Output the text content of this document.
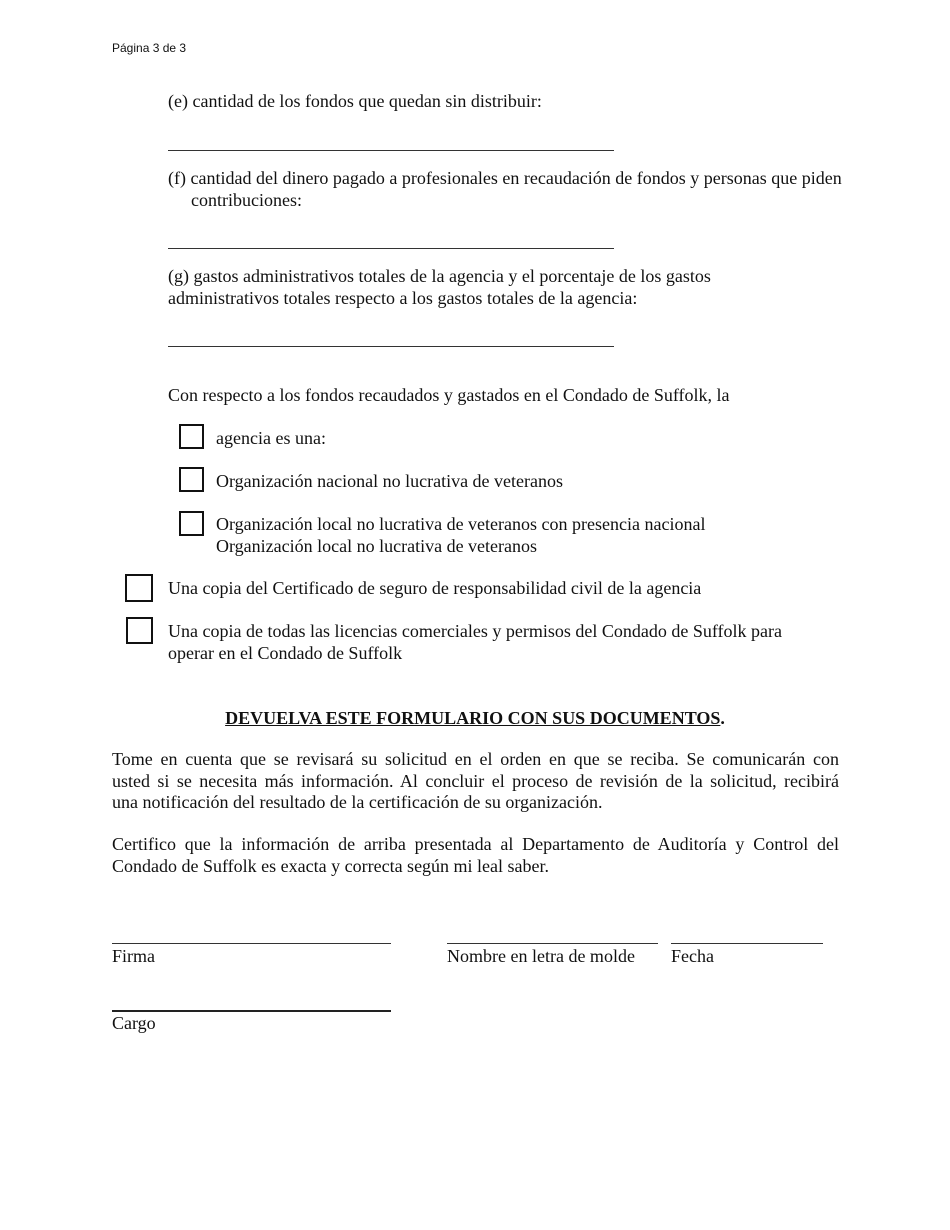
Página 3 de 3
(e) cantidad de los fondos que quedan sin distribuir:
(f) cantidad del dinero pagado a profesionales en recaudación de fondos y personas que piden contribuciones:
(g) gastos administrativos totales de la agencia y el porcentaje de los gastos
administrativos totales respecto a los gastos totales de la agencia:
Con respecto a los fondos recaudados y gastados en el Condado de Suffolk, la
agencia es una:
Organización nacional no lucrativa de veteranos
Organización local no lucrativa de veteranos con presencia nacional
Organización local no lucrativa de veteranos
Una copia del Certificado de seguro de responsabilidad civil de la agencia
Una copia de todas las licencias comerciales y permisos del Condado de Suffolk para
operar en el Condado de Suffolk
DEVUELVA ESTE FORMULARIO CON SUS DOCUMENTOS.
Tome en cuenta que se revisará su solicitud en el orden en que se reciba. Se comunicarán con
usted si se necesita más información. Al concluir el proceso de revisión de la solicitud, recibirá
una notificación del resultado de la certificación de su organización.
Certifico que la información de arriba presentada al Departamento de Auditoría y Control del
Condado de Suffolk es exacta y correcta según mi leal saber.
Firma	Nombre en letra de molde Fecha
Cargo
